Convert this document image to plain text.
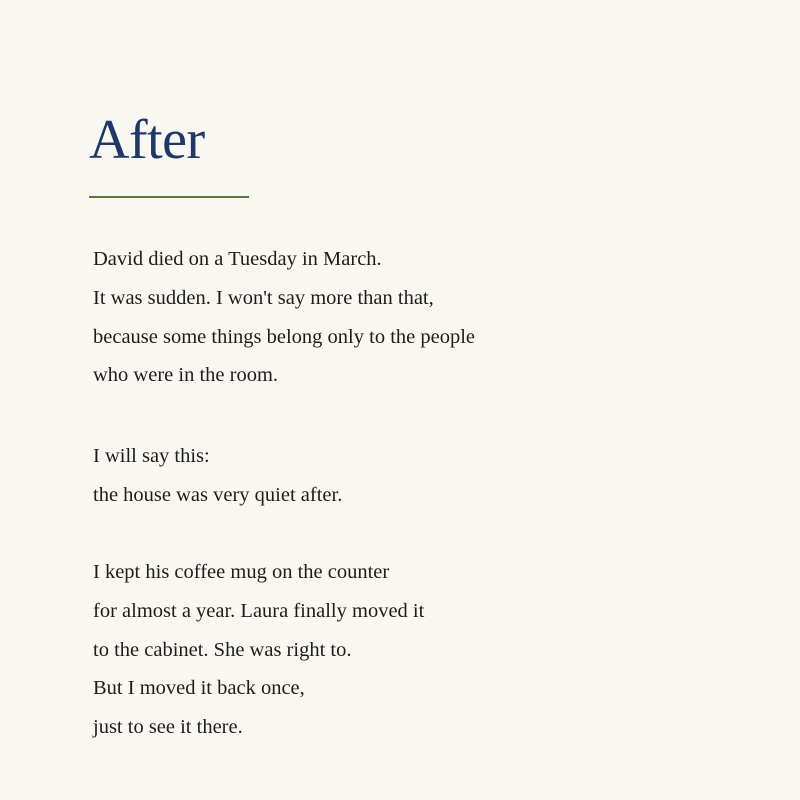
After
David died on a Tuesday in March.
It was sudden. I won't say more than that,
because some things belong only to the people
who were in the room.
I will say this:
the house was very quiet after.
I kept his coffee mug on the counter
for almost a year. Laura finally moved it
to the cabinet. She was right to.
But I moved it back once,
just to see it there.
